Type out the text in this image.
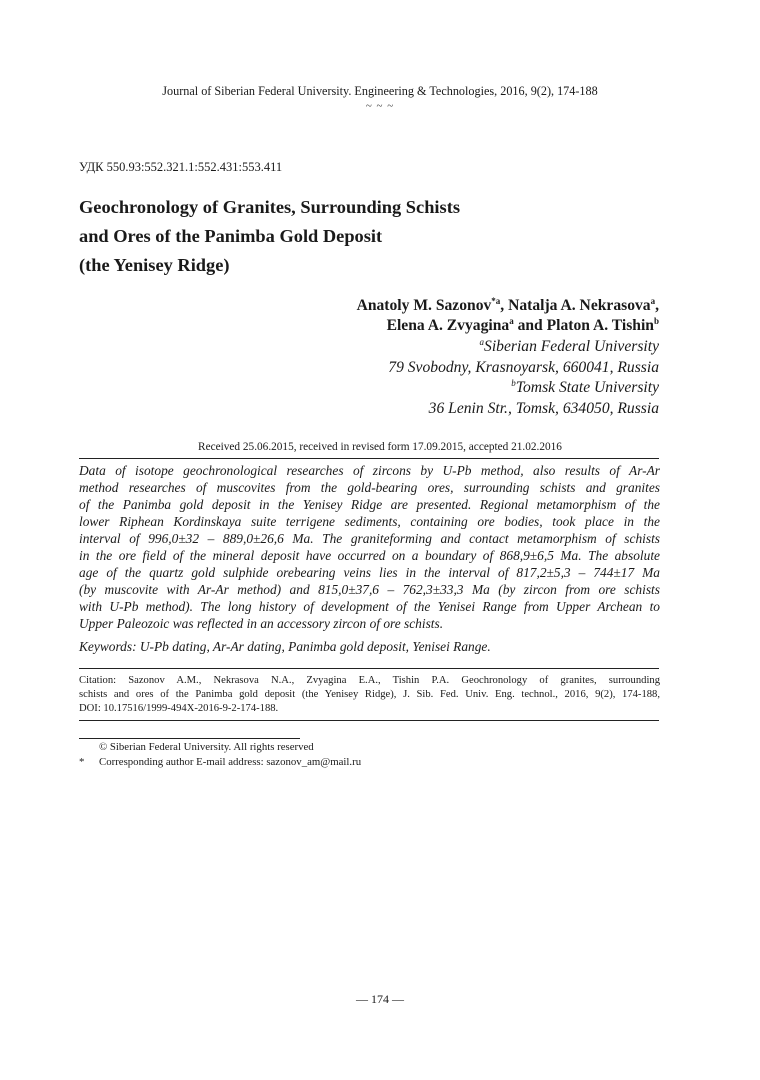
Journal of Siberian Federal University. Engineering & Technologies, 2016, 9(2), 174-188
~ ~ ~
УДК 550.93:552.321.1:552.431:553.411
Geochronology of Granites, Surrounding Schists
and Ores of the Panimba Gold Deposit
(the Yenisey Ridge)
Anatoly M. Sazonov$^{*a}$, Natalja A. Nekrasova$^a$,
Elena A. Zvyagina$^a$ and Platon A. Tishin$^b$
$^a$Siberian Federal University
79 Svobodny, Krasnoyarsk, 660041, Russia
$^b$Tomsk State University
36 Lenin Str., Tomsk, 634050, Russia
Received 25.06.2015, received in revised form 17.09.2015, accepted 21.02.2016
Data of isotope geochronological researches of zircons by U-Pb method, also results of Ar-Ar
method researches of muscovites from the gold-bearing ores, surrounding schists and granites
of the Panimba gold deposit in the Yenisey Ridge are presented. Regional metamorphism of the
lower Riphean Kordinskaya suite terrigene sediments, containing ore bodies, took place in the
interval of 996,0±32 – 889,0±26,6 Ma. The graniteforming and contact metamorphism of schists
in the ore field of the mineral deposit have occurred on a boundary of 868,9±6,5 Ma. The absolute
age of the quartz gold sulphide orebearing veins lies in the interval of 817,2±5,3 – 744±17 Ma
(by muscovite with Ar-Ar method) and 815,0±37,6 – 762,3±33,3 Ma (by zircon from ore schists
with U-Pb method). The long history of development of the Yenisei Range from Upper Archean to
Upper Paleozoic was reflected in an accessory zircon of ore schists.
Keywords: U-Pb dating, Ar-Ar dating, Panimba gold deposit, Yenisei Range.
Citation: Sazonov A.M., Nekrasova N.A., Zvyagina E.A., Tishin P.A. Geochronology of granites, surrounding
schists and ores of the Panimba gold deposit (the Yenisey Ridge), J. Sib. Fed. Univ. Eng. technol., 2016, 9(2), 174-188,
DOI: 10.17516/1999-494X-2016-9-2-174-188.
© Siberian Federal University. All rights reserved
* Corresponding author E-mail address: sazonov_am@mail.ru
— 174 —
